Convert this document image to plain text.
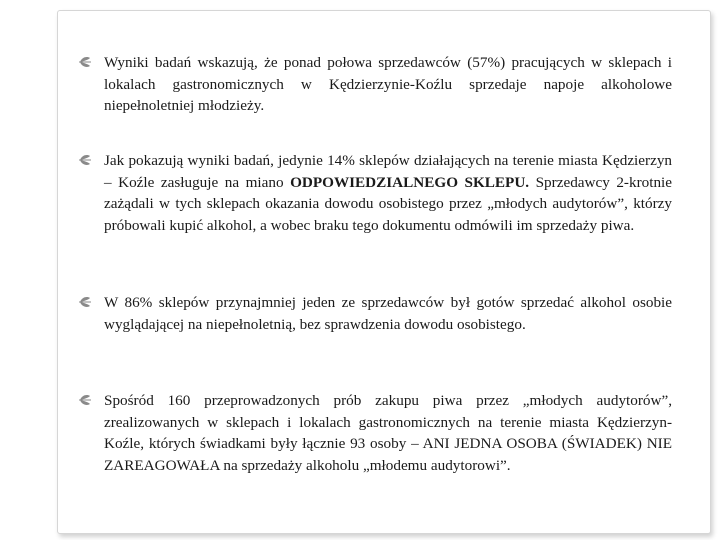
Wyniki badań wskazują, że ponad połowa sprzedawców (57%) pracujących w sklepach i lokalach gastronomicznych w Kędzierzynie-Koźlu sprzedaje napoje alkoholowe niepełnoletniej młodzieży.
Jak pokazują wyniki badań, jedynie 14% sklepów działających na terenie miasta Kędzierzyn – Koźle zasługuje na miano ODPOWIEDZIALNEGO SKLEPU. Sprzedawcy 2-krotnie zażądali w tych sklepach okazania dowodu osobistego przez „młodych audytorów”, którzy próbowali kupić alkohol, a wobec braku tego dokumentu odmówili im sprzedaży piwa.
W 86% sklepów przynajmniej jeden ze sprzedawców był gotów sprzedać alkohol osobie wyglądającej na niepełnoletnią, bez sprawdzenia dowodu osobistego.
Spośród 160 przeprowadzonych prób zakupu piwa przez „młodych audytorów”, zrealizowanych w sklepach i lokalach gastronomicznych na terenie miasta Kędzierzyn-Koźle, których świadkami były łącznie 93 osoby – ANI JEDNA OSOBA (ŚWIADEK) NIE ZAREAGOWAŁA na sprzedaży alkoholu „młodemu audytorowi”.
